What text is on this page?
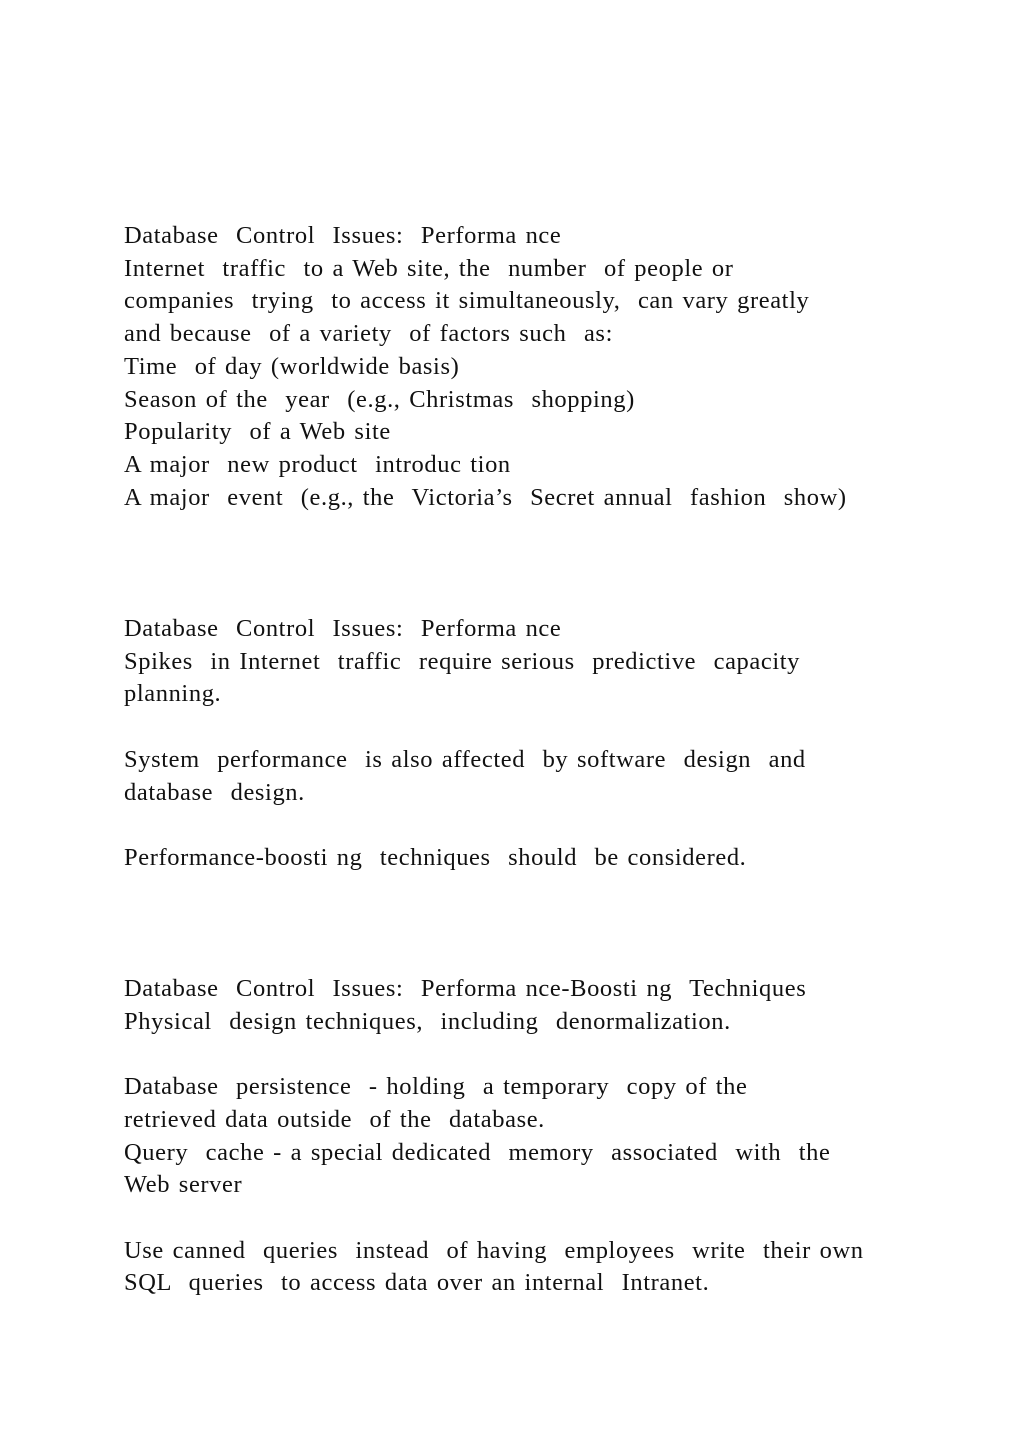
Database  Control  Issues:  Performa nce
Internet  traffic  to a Web site, the  number  of people or
companies  trying  to access it simultaneously,  can vary greatly
and because  of a variety  of factors such  as:
Time  of day (worldwide basis)
Season of the  year  (e.g., Christmas  shopping)
Popularity  of a Web site
A major  new product  introduc tion
A major  event  (e.g., the  Victoria’s  Secret annual  fashion  show)
Database  Control  Issues:  Performa nce
Spikes  in Internet  traffic  require serious  predictive  capacity
planning.
System  performance  is also affected  by software  design  and
database  design.
Performance-boosti ng  techniques  should  be considered.
Database  Control  Issues:  Performa nce-Boosti ng  Techniques
Physical  design techniques,  including  denormalization.
Database  persistence  - holding  a temporary  copy of the
retrieved data outside  of the  database.
Query  cache - a special dedicated  memory  associated  with  the
Web server
Use canned  queries  instead  of having  employees  write  their own
SQL  queries  to access data over an internal  Intranet.
